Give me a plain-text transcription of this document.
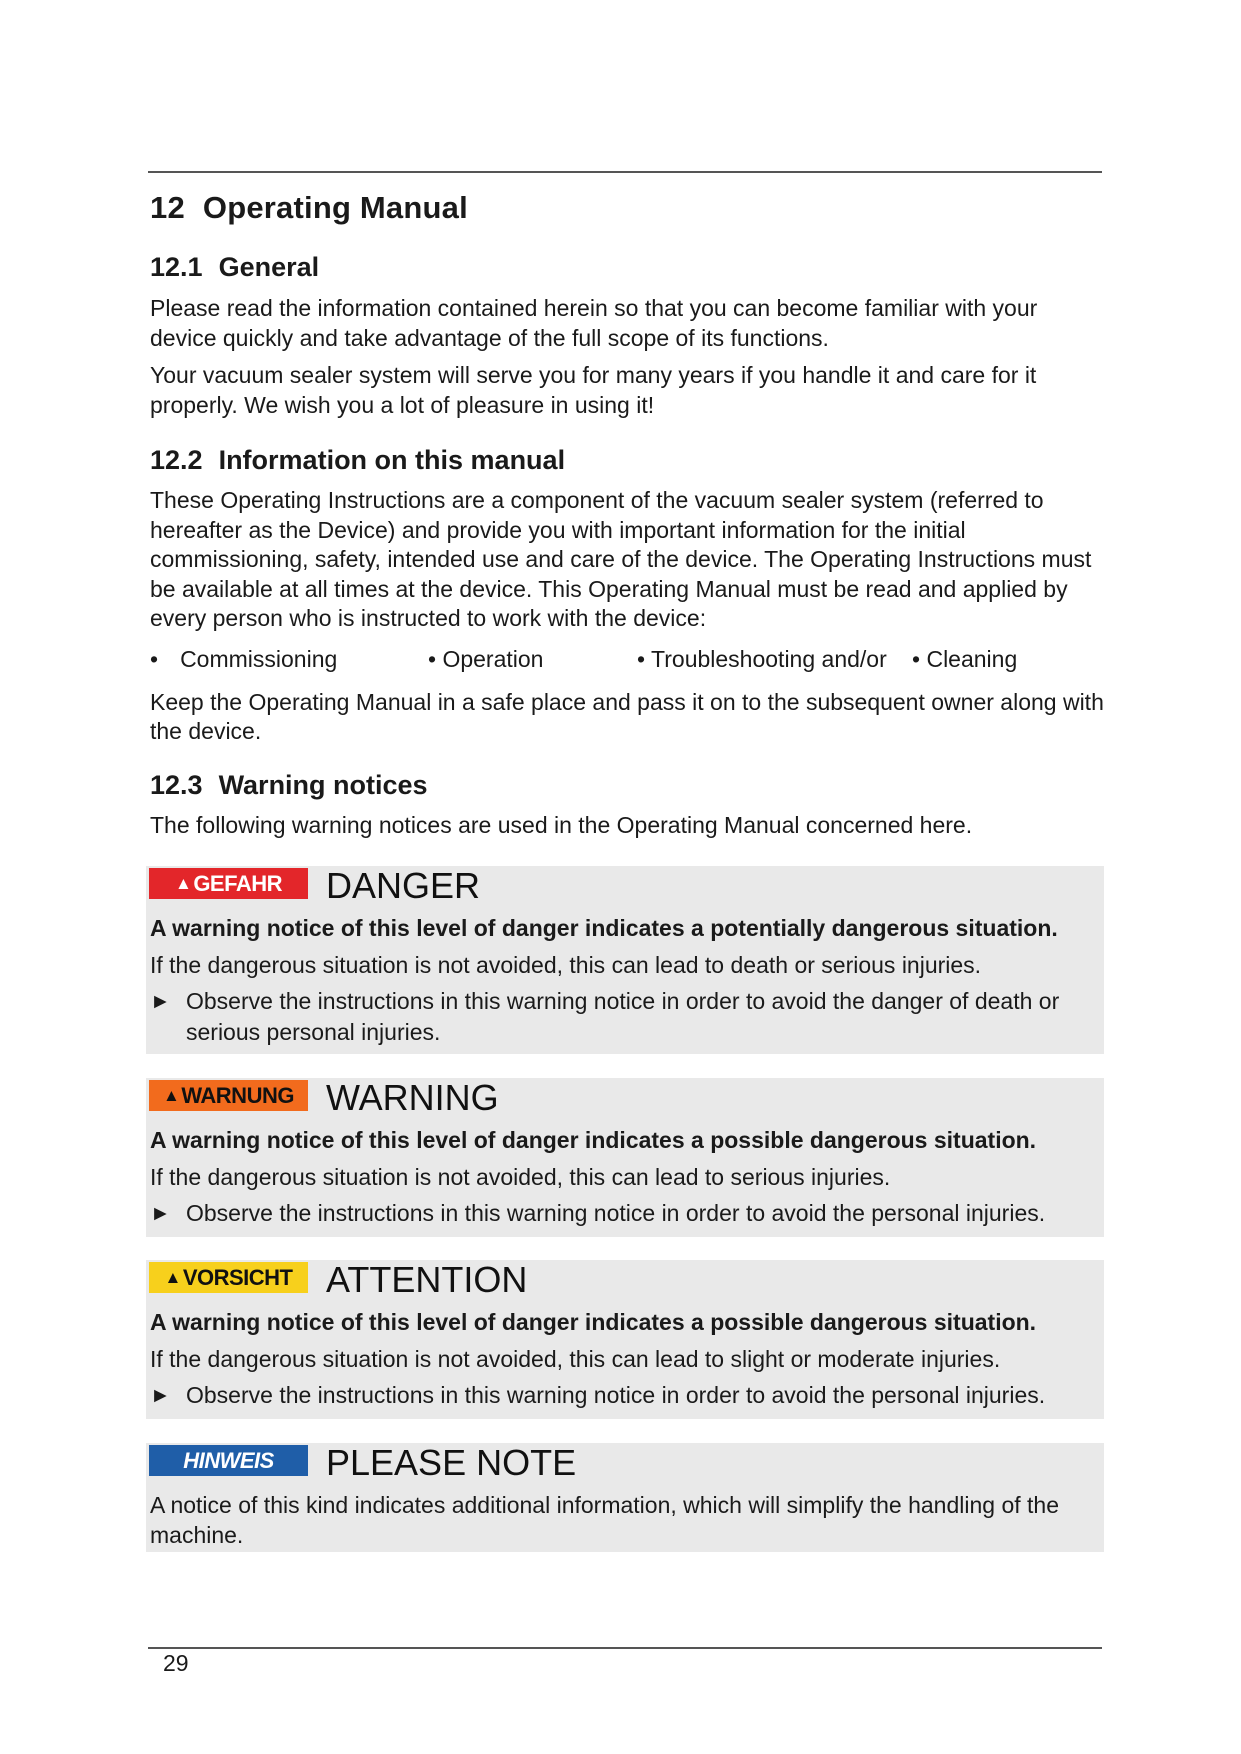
12 Operating Manual
12.1 General

Please read the information contained herein so that you can become familiar with your device quickly and take advantage of the full scope of its functions.

Your vacuum sealer system will serve you for many years if you handle it and care for it properly. We wish you a lot of pleasure in using it!

12.2 Information on this manual

These Operating Instructions are a component of the vacuum sealer system (referred to hereafter as the Device) and provide you with important information for the initial commissioning, safety, intended use and care of the device. The Operating Instructions must be available at all times at the device. This Operating Manual must be read and applied by every person who is instructed to work with the device:

• Commissioning	• Operation	• Troubleshooting and/or • Cleaning

Keep the Operating Manual in a safe place and pass it on to the subsequent owner along with the device.

12.3 Warning notices

The following warning notices are used in the Operating Manual concerned here.

▲ GEFAHR DANGER
A warning notice of this level of danger indicates a potentially dangerous situation.
If the dangerous situation is not avoided, this can lead to death or serious injuries.
► Observe the instructions in this warning notice in order to avoid the danger of death or serious personal injuries.
▲ WARNUNG WARNING
A warning notice of this level of danger indicates a possible dangerous situation.
If the dangerous situation is not avoided, this can lead to serious injuries.
► Observe the instructions in this warning notice in order to avoid the personal injuries.
▲ VORSICHT ATTENTION
A warning notice of this level of danger indicates a possible dangerous situation.
If the dangerous situation is not avoided, this can lead to slight or moderate injuries.
► Observe the instructions in this warning notice in order to avoid the personal injuries.
HINWEIS	PLEASE NOTE
A notice of this kind indicates additional information, which will simplify the handling of the machine.
29
